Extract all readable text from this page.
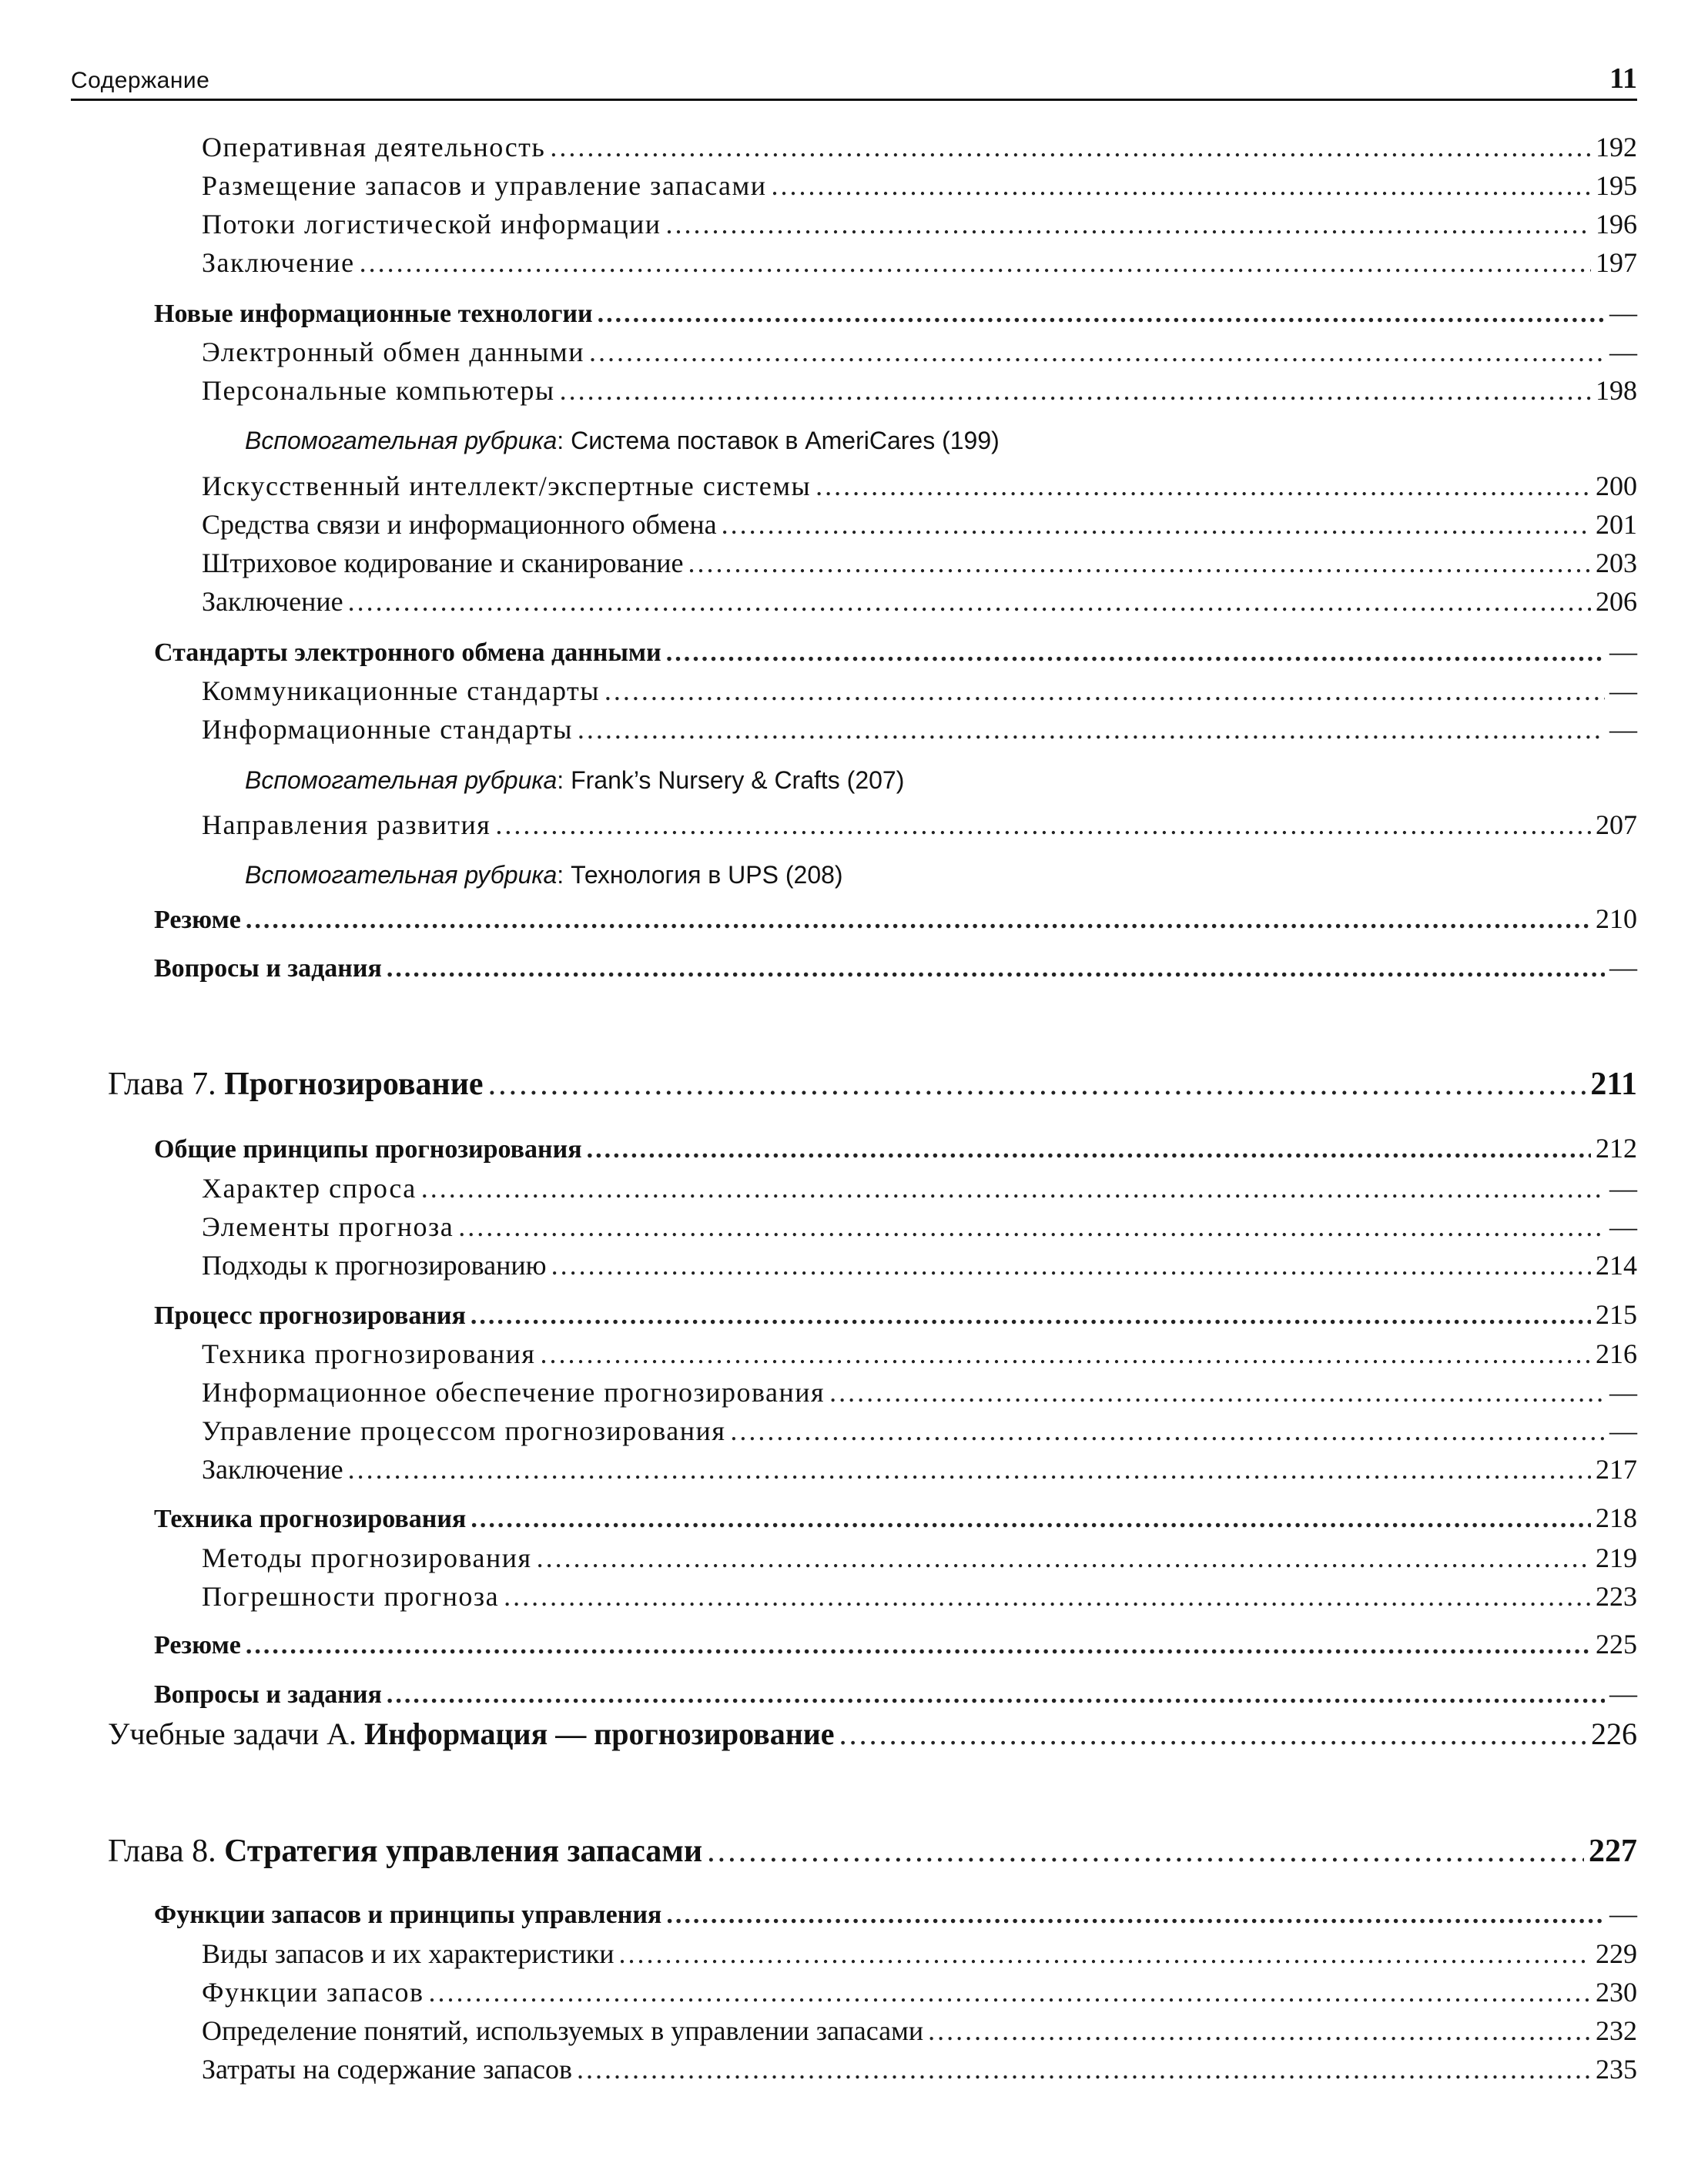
Содержание	11
Оперативная деятельность .....	192
Размещение запасов и управление запасами .....	195
Потоки логистической информации .....	196
Заключение .....	197
Новые информационные технологии .....	—
Электронный обмен данными .....	—
Персональные компьютеры .....	198
Вспомогательная рубрика: Система поставок в AmeriCares (199)
Искусственный интеллект/экспертные системы .....	200
Средства связи и информационного обмена .....	201
Штриховое кодирование и сканирование .....	203
Заключение .....	206
Стандарты электронного обмена данными .....	—
Коммуникационные стандарты .....	—
Информационные стандарты .....	—
Вспомогательная рубрика: Frank’s Nursery & Crafts (207)
Направления развития .....	207
Вспомогательная рубрика: Технология в UPS (208)
Резюме .....	210
Вопросы и задания .....	—
Глава 7. Прогнозирование .....	211
Общие принципы прогнозирования .....	212
Характер спроса .....	—
Элементы прогноза .....	—
Подходы к прогнозированию .....	214
Процесс прогнозирования .....	215
Техника прогнозирования .....	216
Информационное обеспечение прогнозирования .....	—
Управление процессом прогнозирования .....	—
Заключение .....	217
Техника прогнозирования .....	218
Методы прогнозирования .....	219
Погрешности прогноза .....	223
Резюме .....	225
Вопросы и задания .....	—
Учебные задачи А. Информация — прогнозирование .....	226
Глава 8. Стратегия управления запасами .....	227
Функции запасов и принципы управления .....	—
Виды запасов и их характеристики .....	229
Функции запасов .....	230
Определение понятий, используемых в управлении запасами .....	232
Затраты на содержание запасов .....	235
